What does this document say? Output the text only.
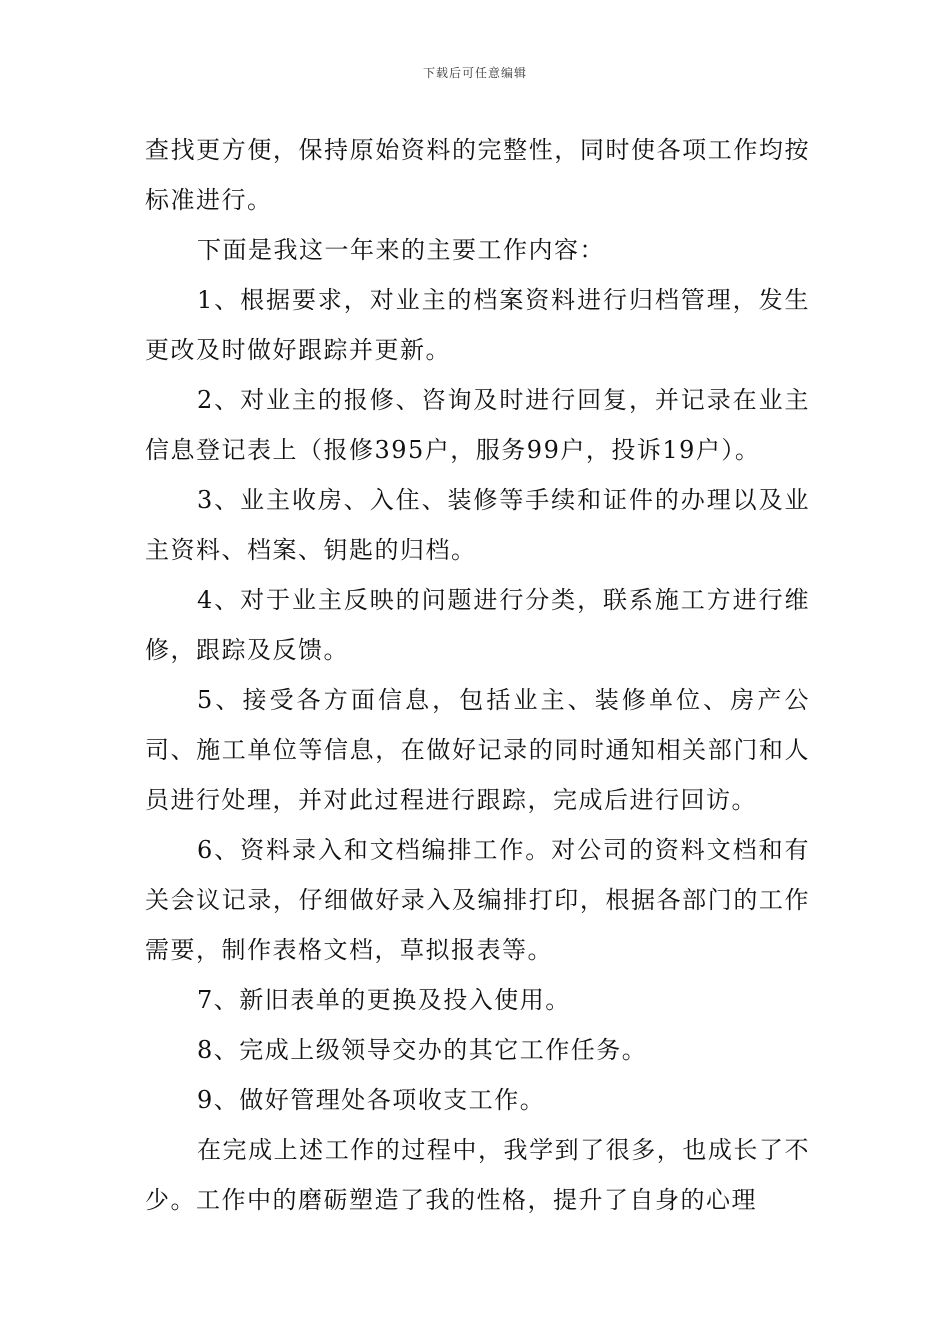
下载后可任意编辑

查找更方便，保持原始资料的完整性，同时使各项工作均按标准进行。

下面是我这一年来的主要工作内容：

1、根据要求，对业主的档案资料进行归档管理，发生更改及时做好跟踪并更新。

2、对业主的报修、咨询及时进行回复，并记录在业主信息登记表上（报修395户，服务99户，投诉19户）。

3、业主收房、入住、装修等手续和证件的办理以及业主资料、档案、钥匙的归档。

4、对于业主反映的问题进行分类，联系施工方进行维修，跟踪及反馈。

5、接受各方面信息，包括业主、装修单位、房产公司、施工单位等信息，在做好记录的同时通知相关部门和人员进行处理，并对此过程进行跟踪，完成后进行回访。

6、资料录入和文档编排工作。对公司的资料文档和有关会议记录，仔细做好录入及编排打印，根据各部门的工作需要，制作表格文档，草拟报表等。

7、新旧表单的更换及投入使用。

8、完成上级领导交办的其它工作任务。

9、做好管理处各项收支工作。

在完成上述工作的过程中，我学到了很多，也成长了不少。工作中的磨砺塑造了我的性格，提升了自身的心理
